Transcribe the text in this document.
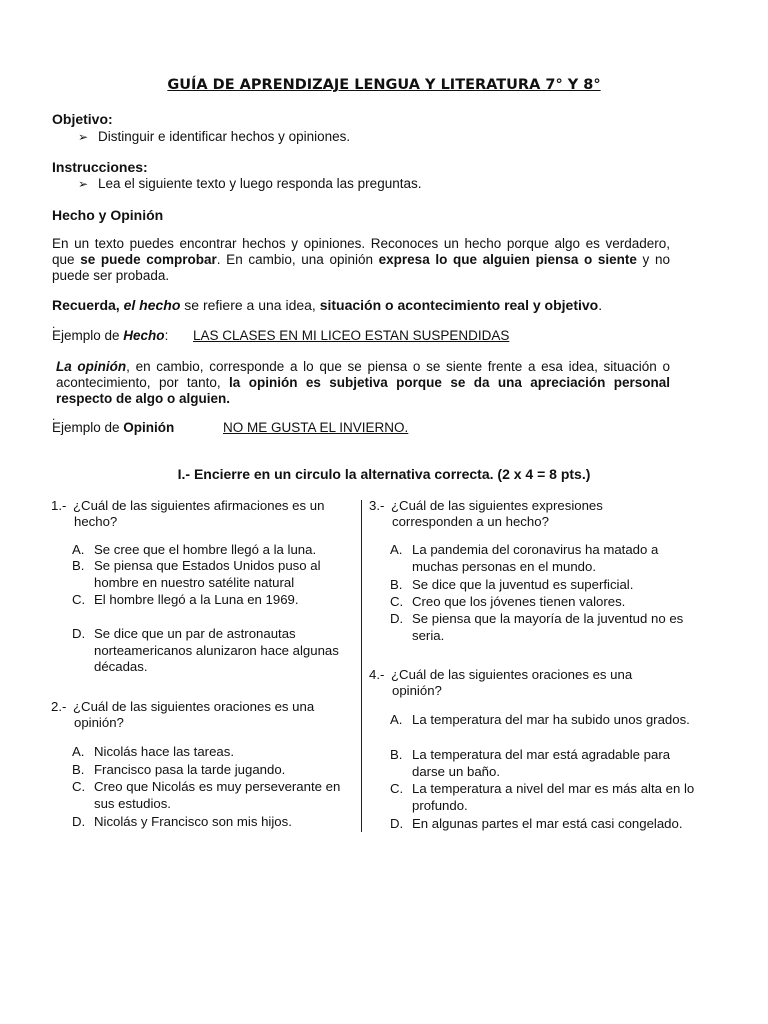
GUÍA DE APRENDIZAJE LENGUA Y LITERATURA 7° Y 8°
Objetivo:
➢ Distinguir e identificar hechos y opiniones.
Instrucciones:
➢ Lea el siguiente texto y luego responda las preguntas.
Hecho y Opinión
En un texto puedes encontrar hechos y opiniones. Reconoces un hecho porque algo es verdadero, que se puede comprobar. En cambio, una opinión expresa lo que alguien piensa o siente y no puede ser probada.
Recuerda, el hecho se refiere a una idea, situación o acontecimiento real y objetivo.
.
Ejemplo de Hecho: LAS CLASES EN MI LICEO ESTAN SUSPENDIDAS
La opinión, en cambio, corresponde a lo que se piensa o se siente frente a esa idea, situación o acontecimiento, por tanto, la opinión es subjetiva porque se da una apreciación personal respecto de algo o alguien.
.
Ejemplo de Opinión	NO ME GUSTA EL INVIERNO.
I.- Encierre en un circulo la alternativa correcta. (2 x 4 = 8 pts.)
1.- ¿Cuál de las siguientes afirmaciones es un
hecho?
A. Se cree que el hombre llegó a la luna.
B. Se piensa que Estados Unidos puso al hombre en nuestro satélite natural
C. El hombre llegó a la Luna en 1969.
D. Se dice que un par de astronautas norteamericanos alunizaron hace algunas décadas.
2.- ¿Cuál de las siguientes oraciones es una
opinión?
A. Nicolás hace las tareas.
B. Francisco pasa la tarde jugando.
C. Creo que Nicolás es muy perseverante en sus estudios.
D. Nicolás y Francisco son mis hijos.
3.- ¿Cuál de las siguientes expresiones
corresponden a un hecho?
A. La pandemia del coronavirus ha matado a muchas personas en el mundo.
B. Se dice que la juventud es superficial.
C. Creo que los jóvenes tienen valores.
D. Se piensa que la mayoría de la juventud no es seria.
4.- ¿Cuál de las siguientes oraciones es una
opinión?
A. La temperatura del mar ha subido unos grados.
B. La temperatura del mar está agradable para darse un baño.
C. La temperatura a nivel del mar es más alta en lo profundo.
D. En algunas partes el mar está casi congelado.
